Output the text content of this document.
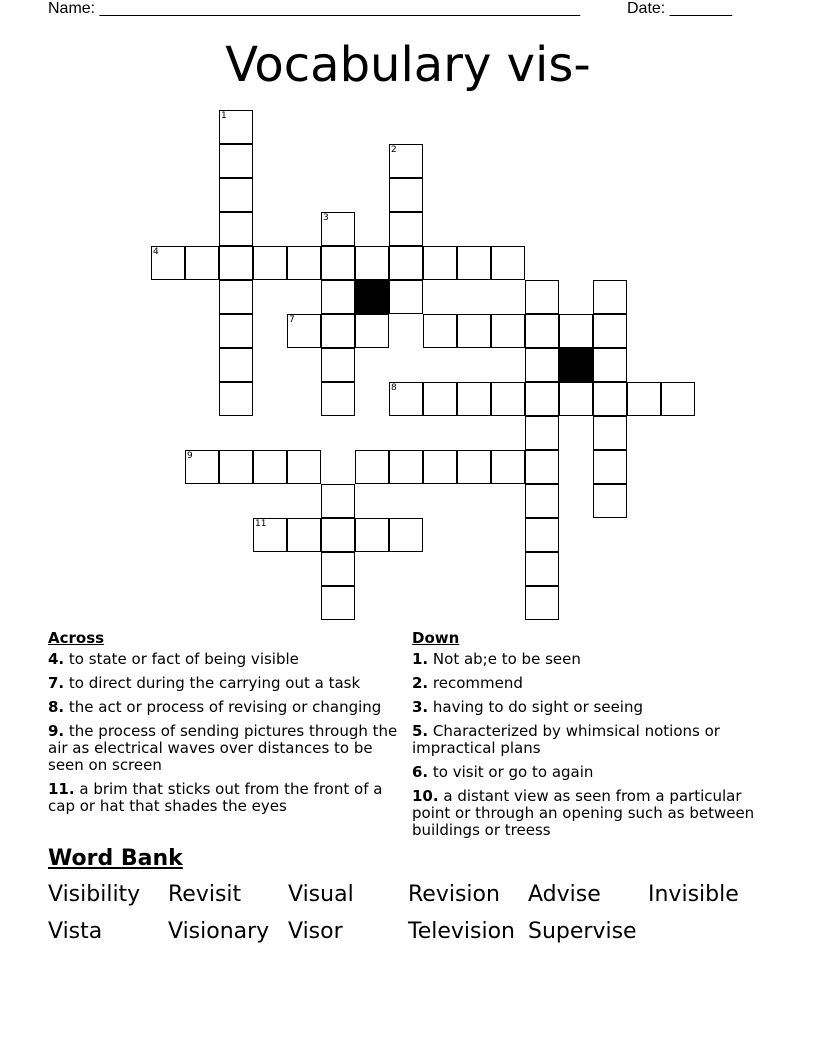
Name: ______________________________________________________	Date: _______
Vocabulary vis-
1
2
3
4
7
8
9
11
Across
4. to state or fact of being visible
7. to direct during the carrying out a task
8. the act or process of revising or changing
9. the process of sending pictures through the air as electrical waves over distances to be seen on screen
11. a brim that sticks out from the front of a cap or hat that shades the eyes
Down
1. Not ab;e to be seen
2. recommend
3. having to do sight or seeing
5. Characterized by whimsical notions or impractical plans
6. to visit or go to again
10. a distant view as seen from a particular point or through an opening such as between buildings or treess
Word Bank
Visibility	Revisit	Visual	Revision	Advise	Invisible
Vista	Visionary Visor	Television Supervise
